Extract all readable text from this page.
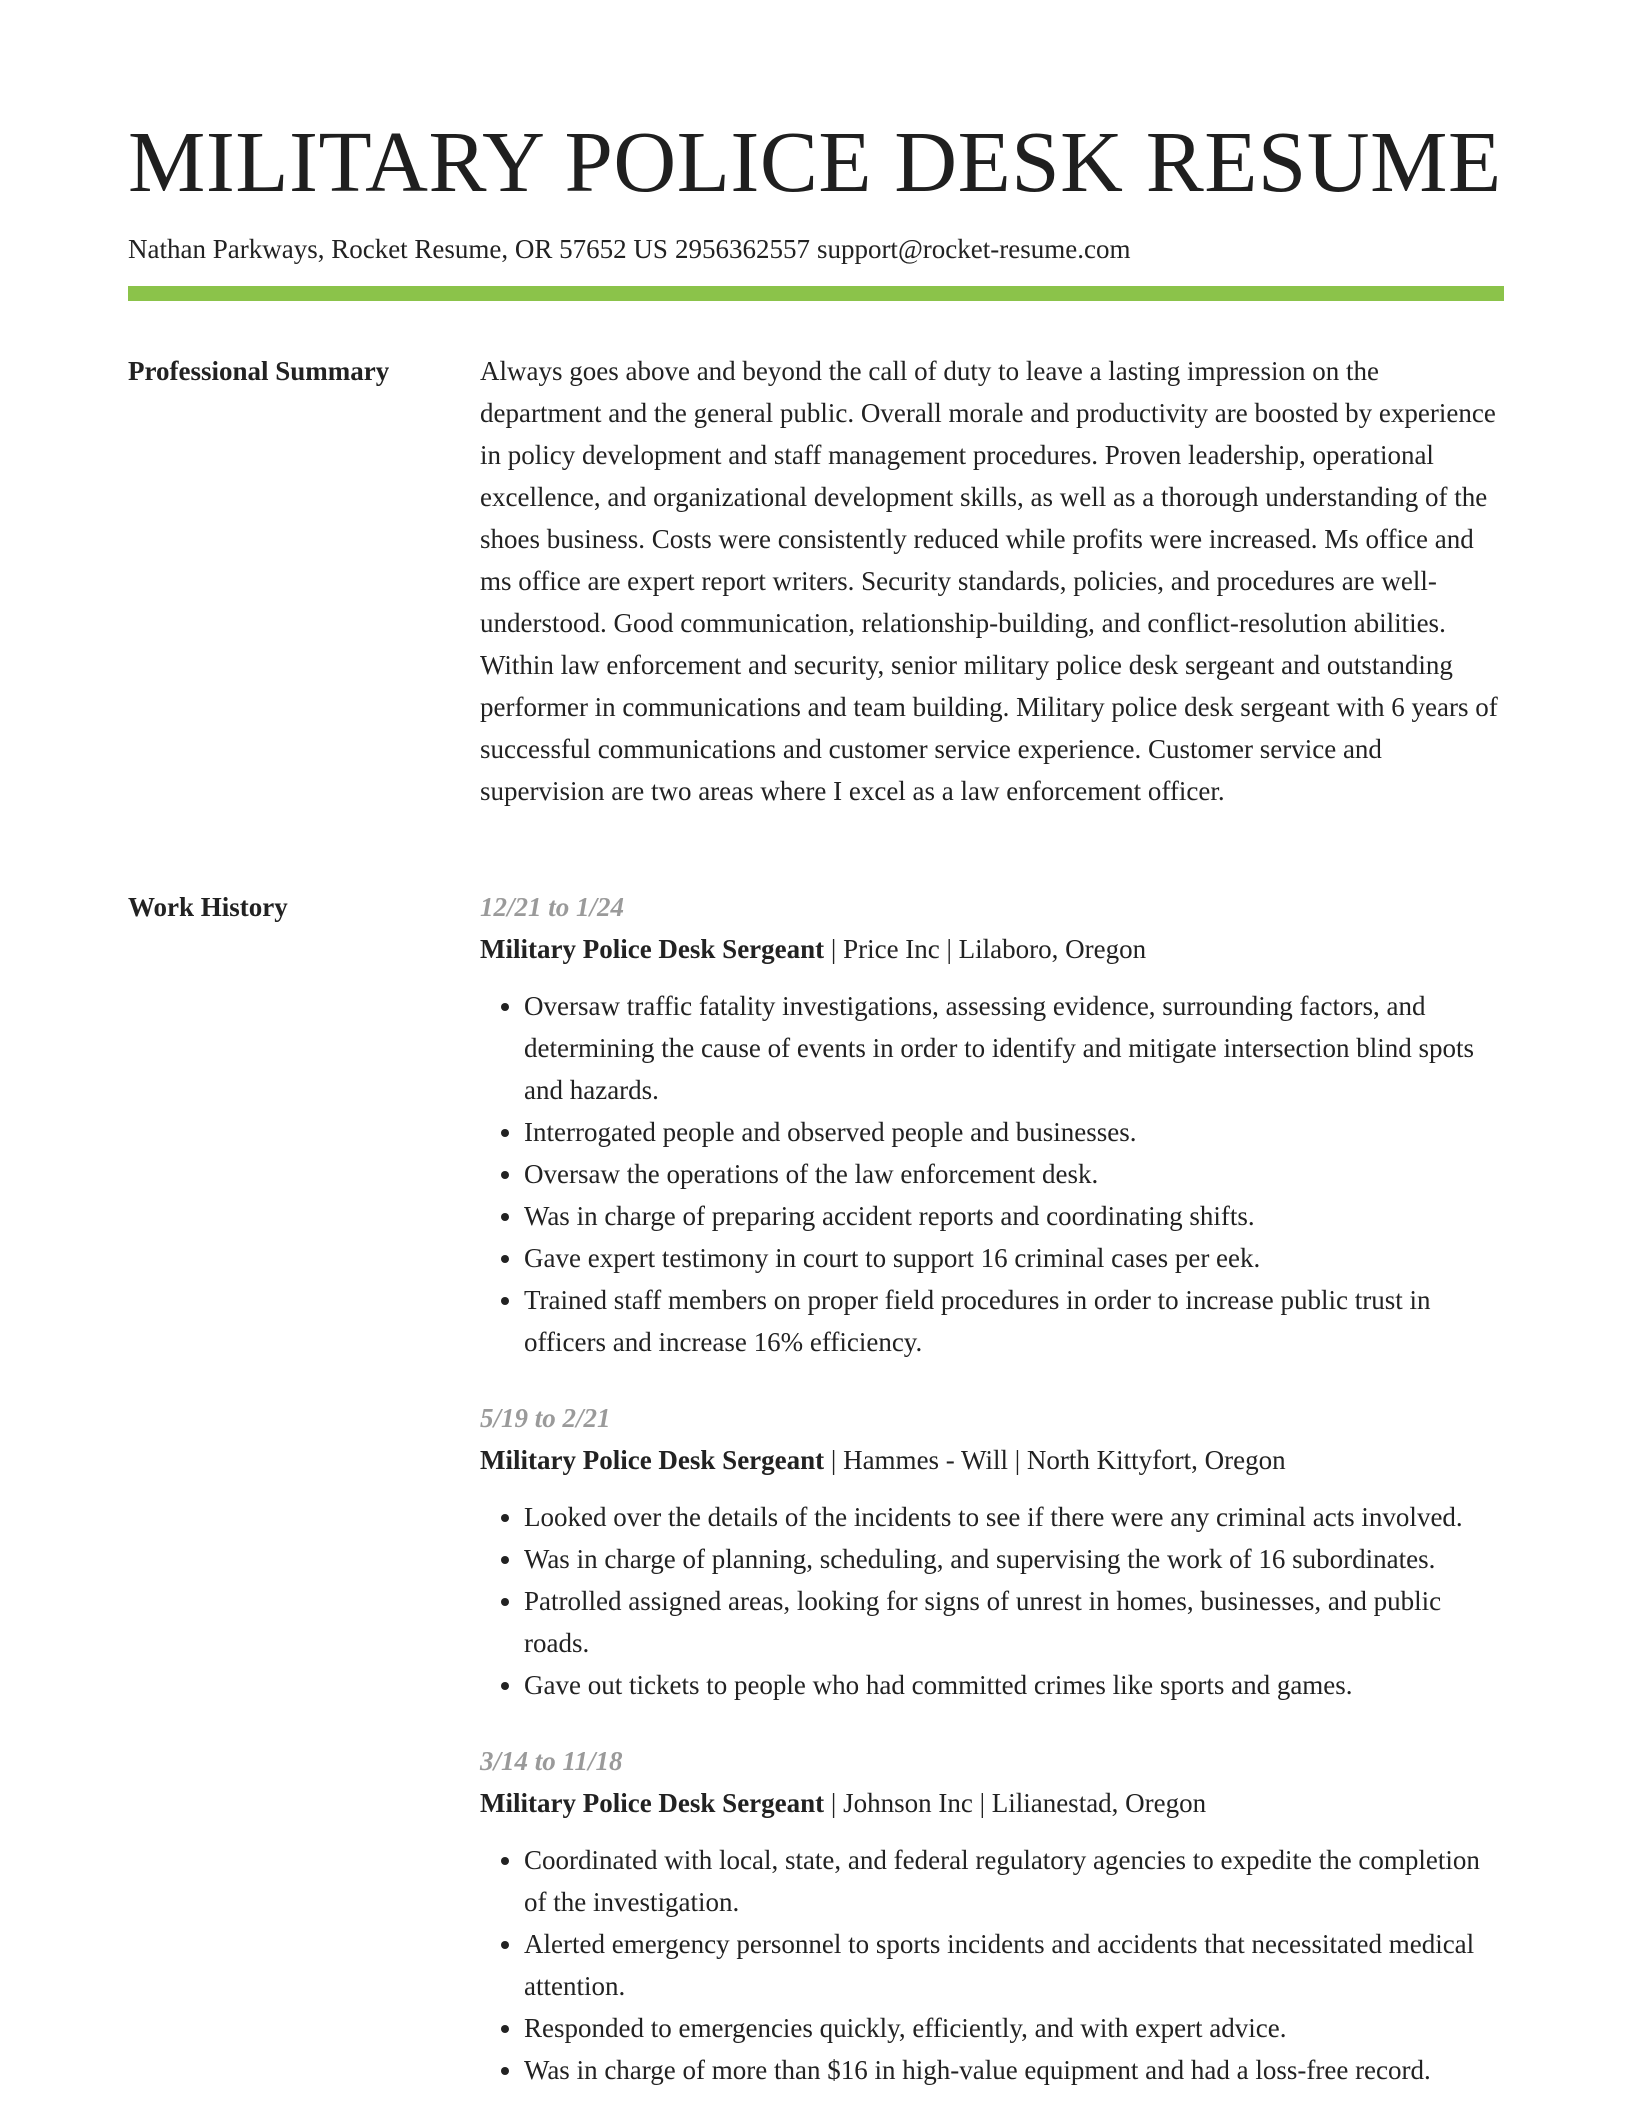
MILITARY POLICE DESK RESUME
Nathan Parkways, Rocket Resume, OR 57652 US 2956362557 support@rocket-resume.com
Professional Summary	Always goes above and beyond the call of duty to leave a lasting impression on the department and the general public. Overall morale and productivity are boosted by experience in policy development and staff management procedures. Proven leadership, operational excellence, and organizational development skills, as well as a thorough understanding of the shoes business. Costs were consistently reduced while profits were increased. Ms office and ms office are expert report writers. Security standards, policies, and procedures are well-understood. Good communication, relationship-building, and conflict-resolution abilities. Within law enforcement and security, senior military police desk sergeant and outstanding performer in communications and team building. Military police desk sergeant with 6 years of successful communications and customer service experience. Customer service and supervision are two areas where I excel as a law enforcement officer.

Work History	12/21 to 1/24
Military Police Desk Sergeant | Price Inc | Lilaboro, Oregon
• Oversaw traffic fatality investigations, assessing evidence, surrounding factors, and determining the cause of events in order to identify and mitigate intersection blind spots and hazards.
• Interrogated people and observed people and businesses.
• Oversaw the operations of the law enforcement desk.
• Was in charge of preparing accident reports and coordinating shifts.
• Gave expert testimony in court to support 16 criminal cases per eek.
• Trained staff members on proper field procedures in order to increase public trust in officers and increase 16% efficiency.
5/19 to 2/21
Military Police Desk Sergeant | Hammes - Will | North Kittyfort, Oregon
• Looked over the details of the incidents to see if there were any criminal acts involved.
• Was in charge of planning, scheduling, and supervising the work of 16 subordinates.
• Patrolled assigned areas, looking for signs of unrest in homes, businesses, and public roads.
• Gave out tickets to people who had committed crimes like sports and games.
3/14 to 11/18
Military Police Desk Sergeant | Johnson Inc | Lilianestad, Oregon
• Coordinated with local, state, and federal regulatory agencies to expedite the completion of the investigation.
• Alerted emergency personnel to sports incidents and accidents that necessitated medical attention.
• Responded to emergencies quickly, efficiently, and with expert advice.
• Was in charge of more than $16 in high-value equipment and had a loss-free record.
